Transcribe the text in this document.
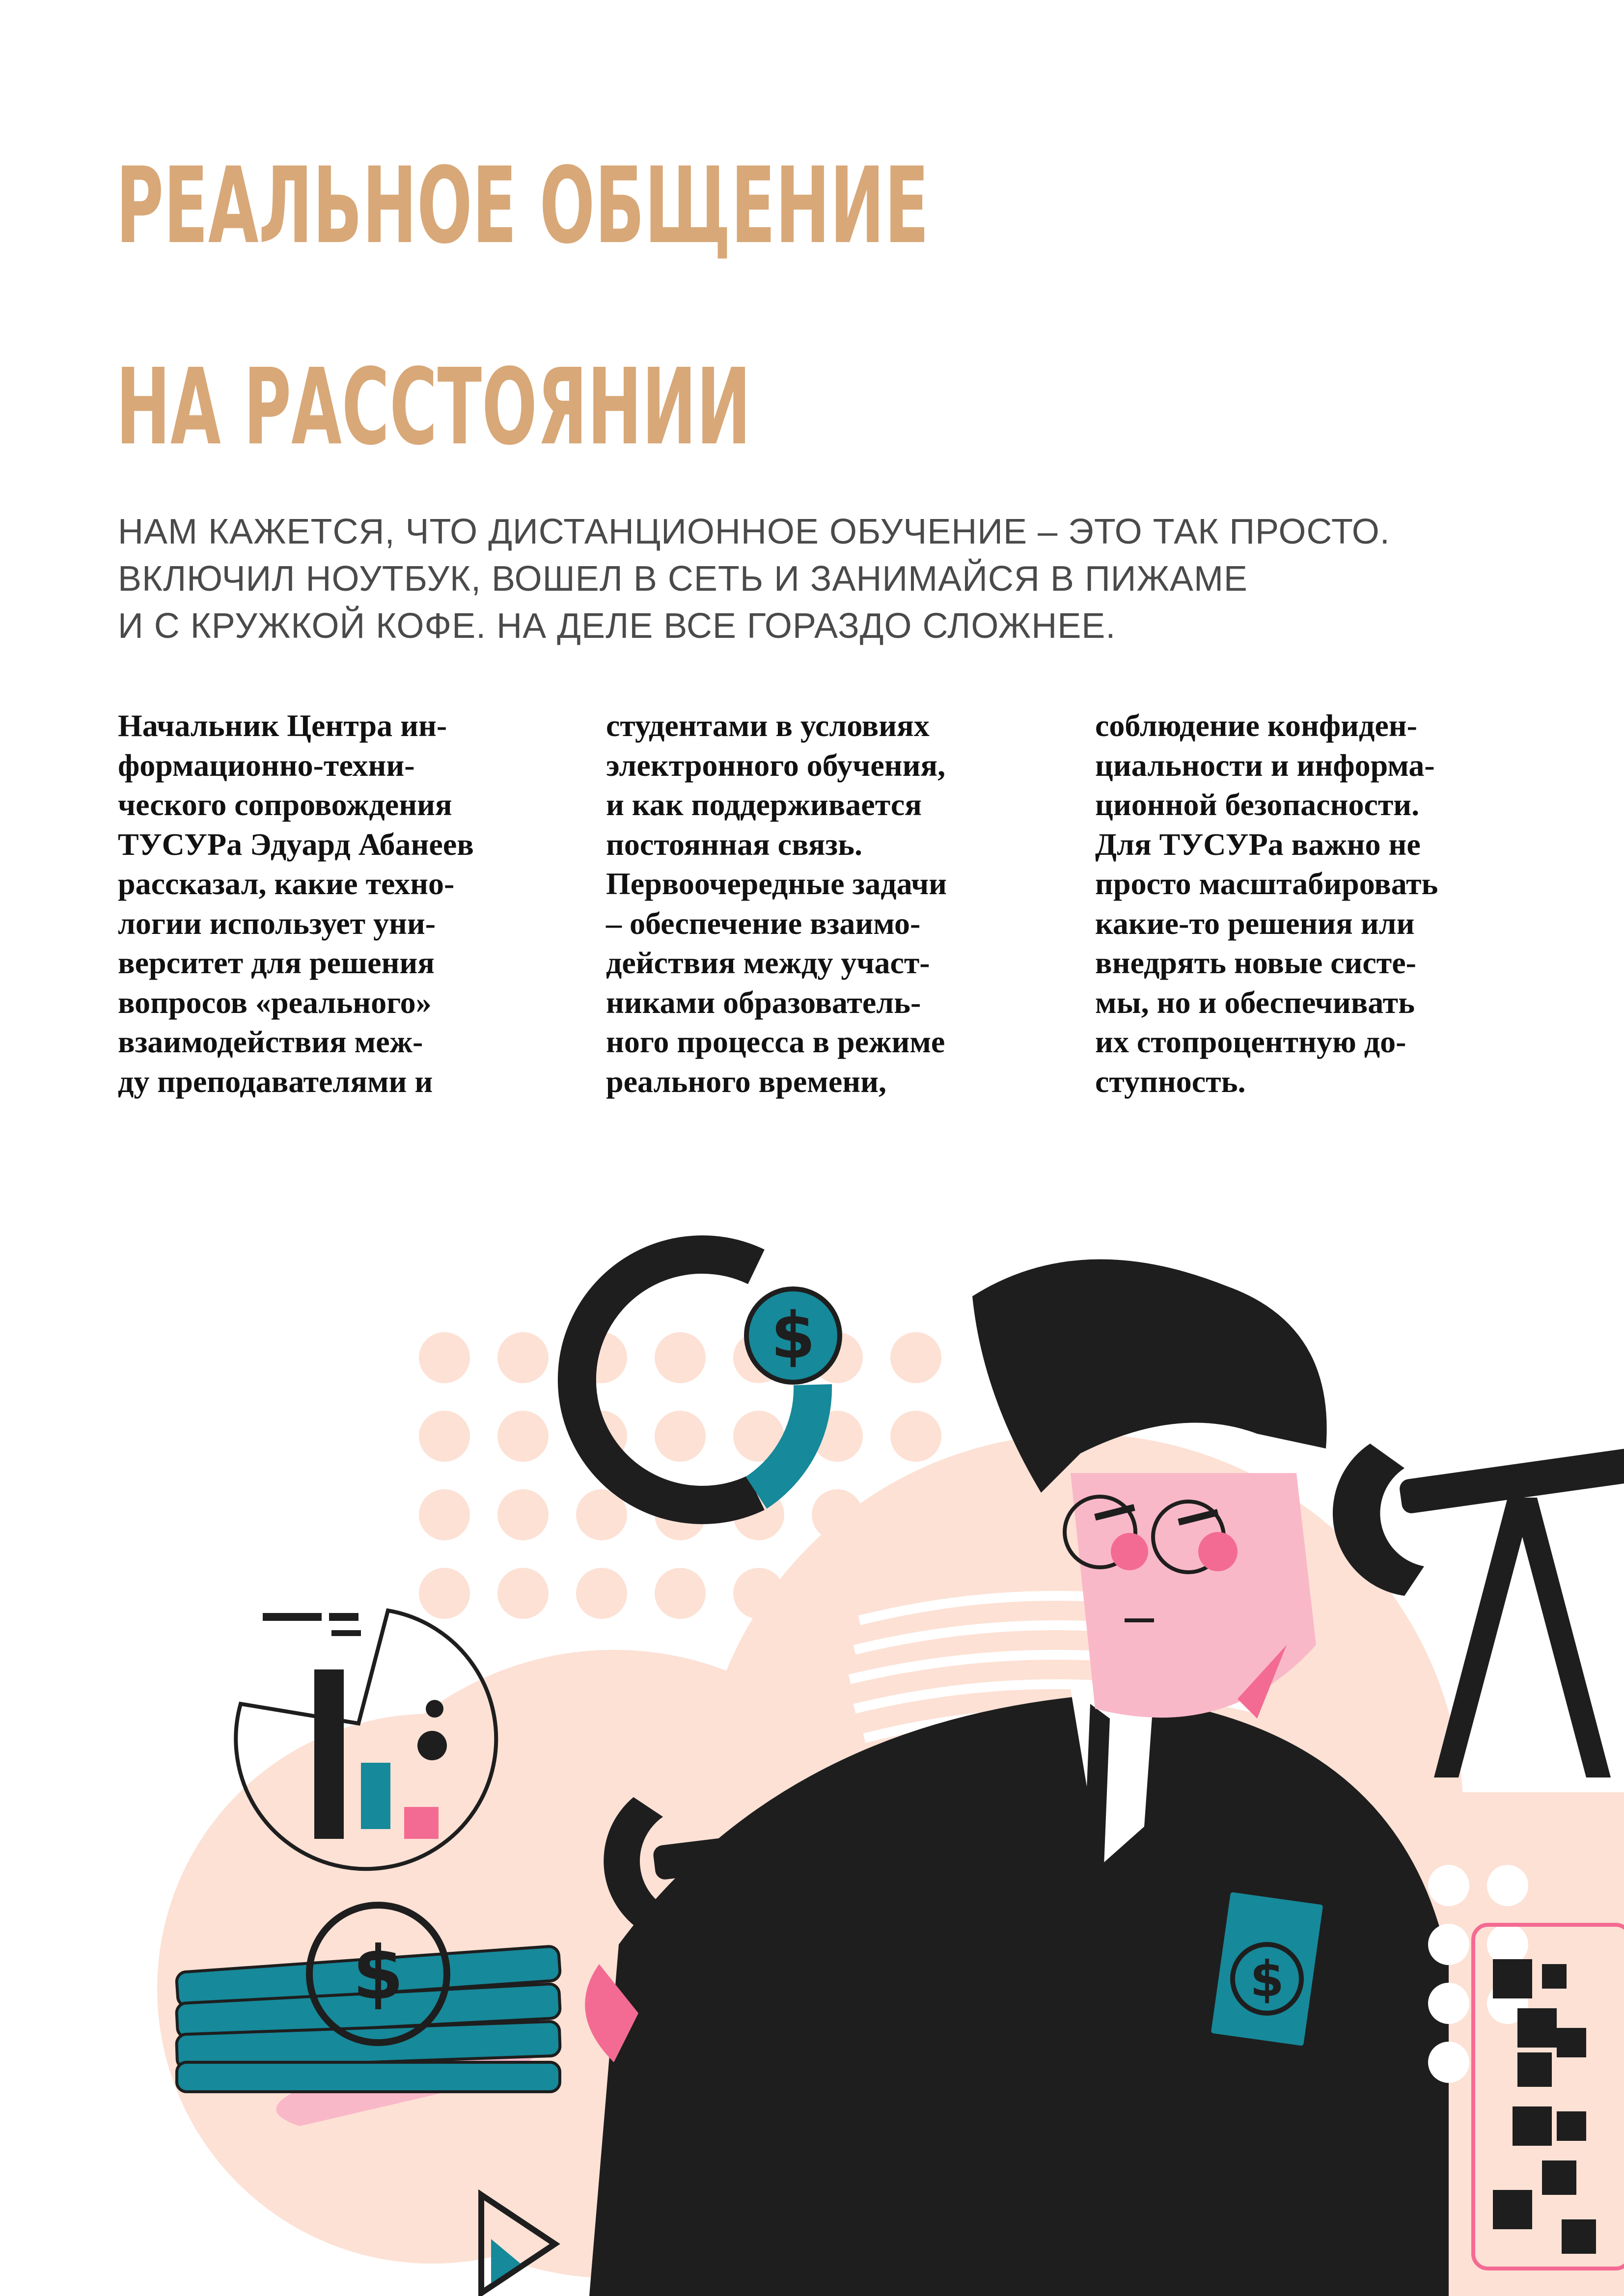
РЕАЛЬНОЕ ОБЩЕНИЕ
НА РАССТОЯНИИ

НАМ КАЖЕТСЯ, ЧТО ДИСТАНЦИОННОЕ ОБУЧЕНИЕ – ЭТО ТАК ПРОСТО.
ВКЛЮЧИЛ НОУТБУК, ВОШЕЛ В СЕТЬ И ЗАНИМАЙСЯ В ПИЖАМЕ
И С КРУЖКОЙ КОФЕ. НА ДЕЛЕ ВСЕ ГОРАЗДО СЛОЖНЕЕ.

Начальник Центра ин-
формационно-техни-
ческого сопровождения
ТУСУРа Эдуард Абанеев
рассказал, какие техно-
логии использует уни-
верситет для решения
вопросов «реального»
взаимодействия меж-
ду преподавателями и

студентами в условиях
электронного обучения,
и как поддерживается
постоянная связь.
Первоочередные задачи
– обеспечение взаимо-
действия между участ-
никами образователь-
ного процесса в режиме
реального времени,

соблюдение конфиден-
циальности и информа-
ционной безопасности.
Для ТУСУРа важно не
просто масштабировать
какие-то решения или
внедрять новые систе-
мы, но и обеспечивать
их стопроцентную до-
ступность.

$
$	$
